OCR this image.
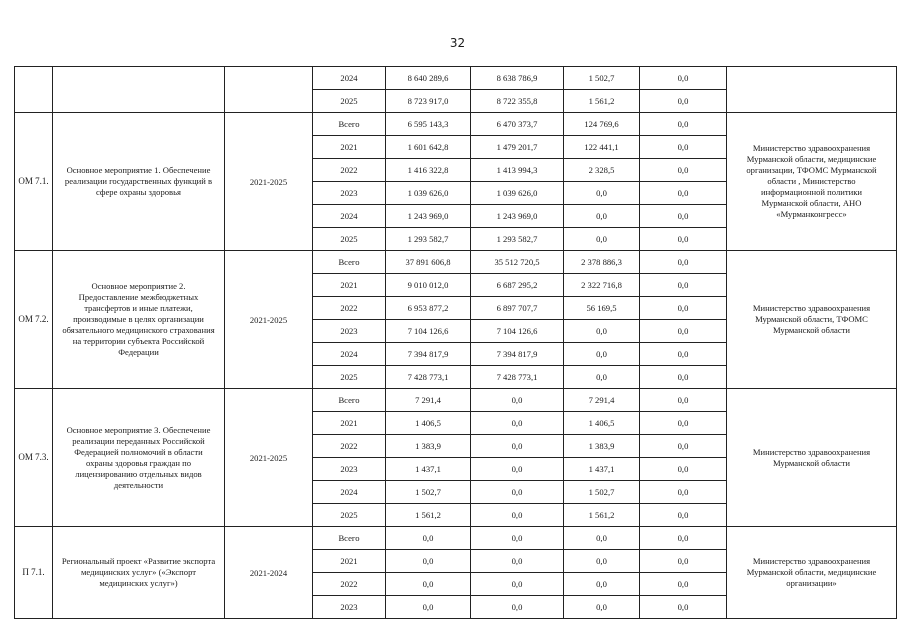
32
			2024	8 640 289,6	8 638 786,9	1 502,7	0,0	
			2025	8 723 917,0	8 722 355,8	1 561,2	0,0	
ОМ 7.1.	Основное мероприятие 1. Обеспечение реализации государственных функций в сфере охраны здоровья	2021-2025	Всего	6 595 143,3	6 470 373,7	124 769,6	0,0	Министерство здравоохранения Мурманской области, медицинские организации, ТФОМС Мурманской области , Министерство информационной политики Мурманской области, АНО «Мурманконгресс»
			2021	1 601 642,8	1 479 201,7	122 441,1	0,0	
			2022	1 416 322,8	1 413 994,3	2 328,5	0,0	
			2023	1 039 626,0	1 039 626,0	0,0	0,0	
			2024	1 243 969,0	1 243 969,0	0,0	0,0	
			2025	1 293 582,7	1 293 582,7	0,0	0,0	
ОМ 7.2.	Основное мероприятие 2. Предоставление межбюджетных трансфертов и иные платежи, производимые в целях организации обязательного медицинского страхования на территории субъекта Российской Федерации	2021-2025	Всего	37 891 606,8	35 512 720,5	2 378 886,3	0,0	Министерство здравоохранения Мурманской области, ТФОМС Мурманской области
			2021	9 010 012,0	6 687 295,2	2 322 716,8	0,0	
			2022	6 953 877,2	6 897 707,7	56 169,5	0,0	
			2023	7 104 126,6	7 104 126,6	0,0	0,0	
			2024	7 394 817,9	7 394 817,9	0,0	0,0	
			2025	7 428 773,1	7 428 773,1	0,0	0,0	
ОМ 7.3.	Основное мероприятие 3. Обеспечение реализации переданных Российской Федерацией полномочий в области охраны здоровья граждан по лицензированию отдельных видов деятельности	2021-2025	Всего	7 291,4	0,0	7 291,4	0,0	Министерство здравоохранения Мурманской области
			2021	1 406,5	0,0	1 406,5	0,0	
			2022	1 383,9	0,0	1 383,9	0,0	
			2023	1 437,1	0,0	1 437,1	0,0	
			2024	1 502,7	0,0	1 502,7	0,0	
			2025	1 561,2	0,0	1 561,2	0,0	
П 7.1.	Региональный проект «Развитие экспорта медицинских услуг» («Экспорт медицинских услуг»)	2021-2024	Всего	0,0	0,0	0,0	0,0	Министерство здравоохранения Мурманской области, медицинские организации»
			2021	0,0	0,0	0,0	0,0	
			2022	0,0	0,0	0,0	0,0	
			2023	0,0	0,0	0,0	0,0	
